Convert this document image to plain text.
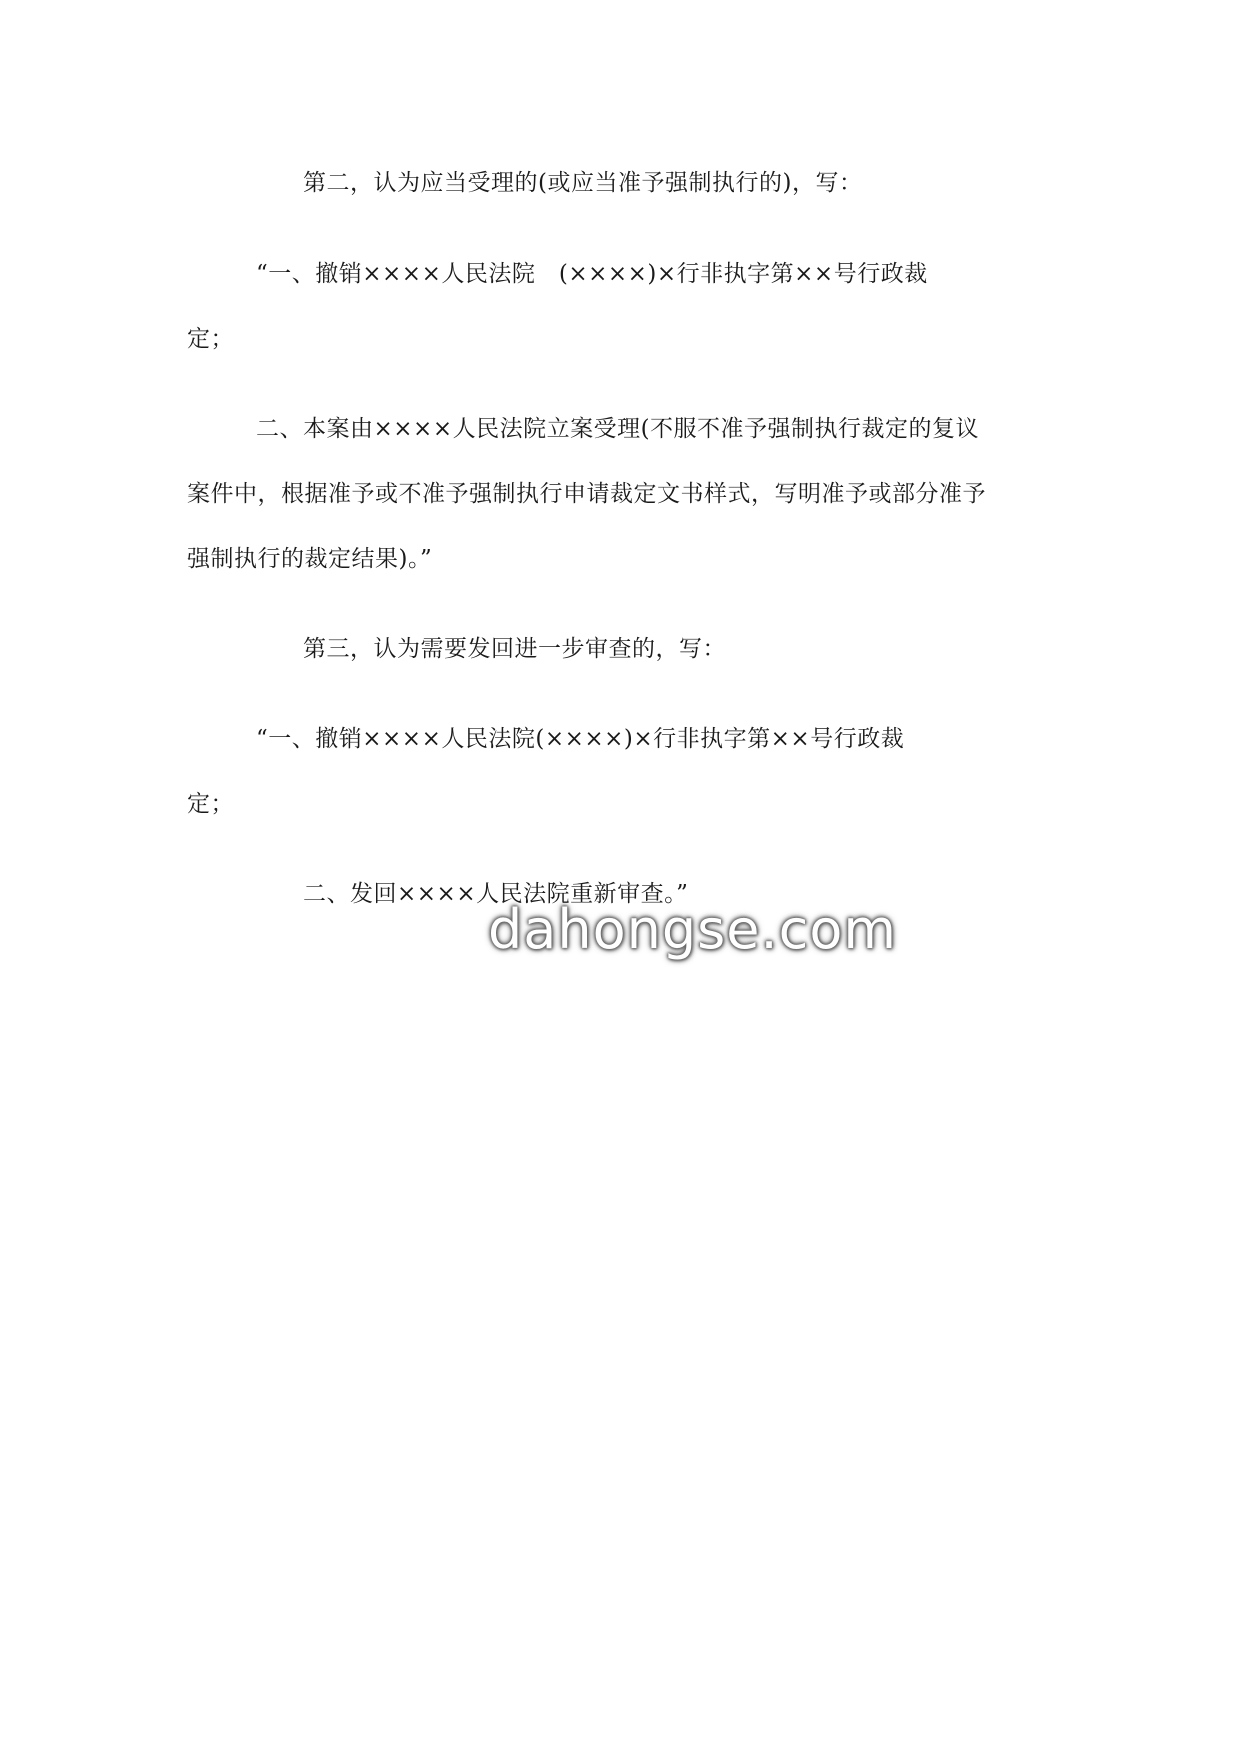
第二，认为应当受理的(或应当准予强制执行的)，写：
“一、撤销××××人民法院　(××××)×行非执字第××号行政裁
定；
二、本案由××××人民法院立案受理(不服不准予强制执行裁定的复议
案件中，根据准予或不准予强制执行申请裁定文书样式，写明准予或部分准予
强制执行的裁定结果)。”
第三，认为需要发回进一步审查的，写：
“一、撤销××××人民法院(××××)×行非执字第××号行政裁
定；
二、发回××××人民法院重新审查。”
dahongse.com
